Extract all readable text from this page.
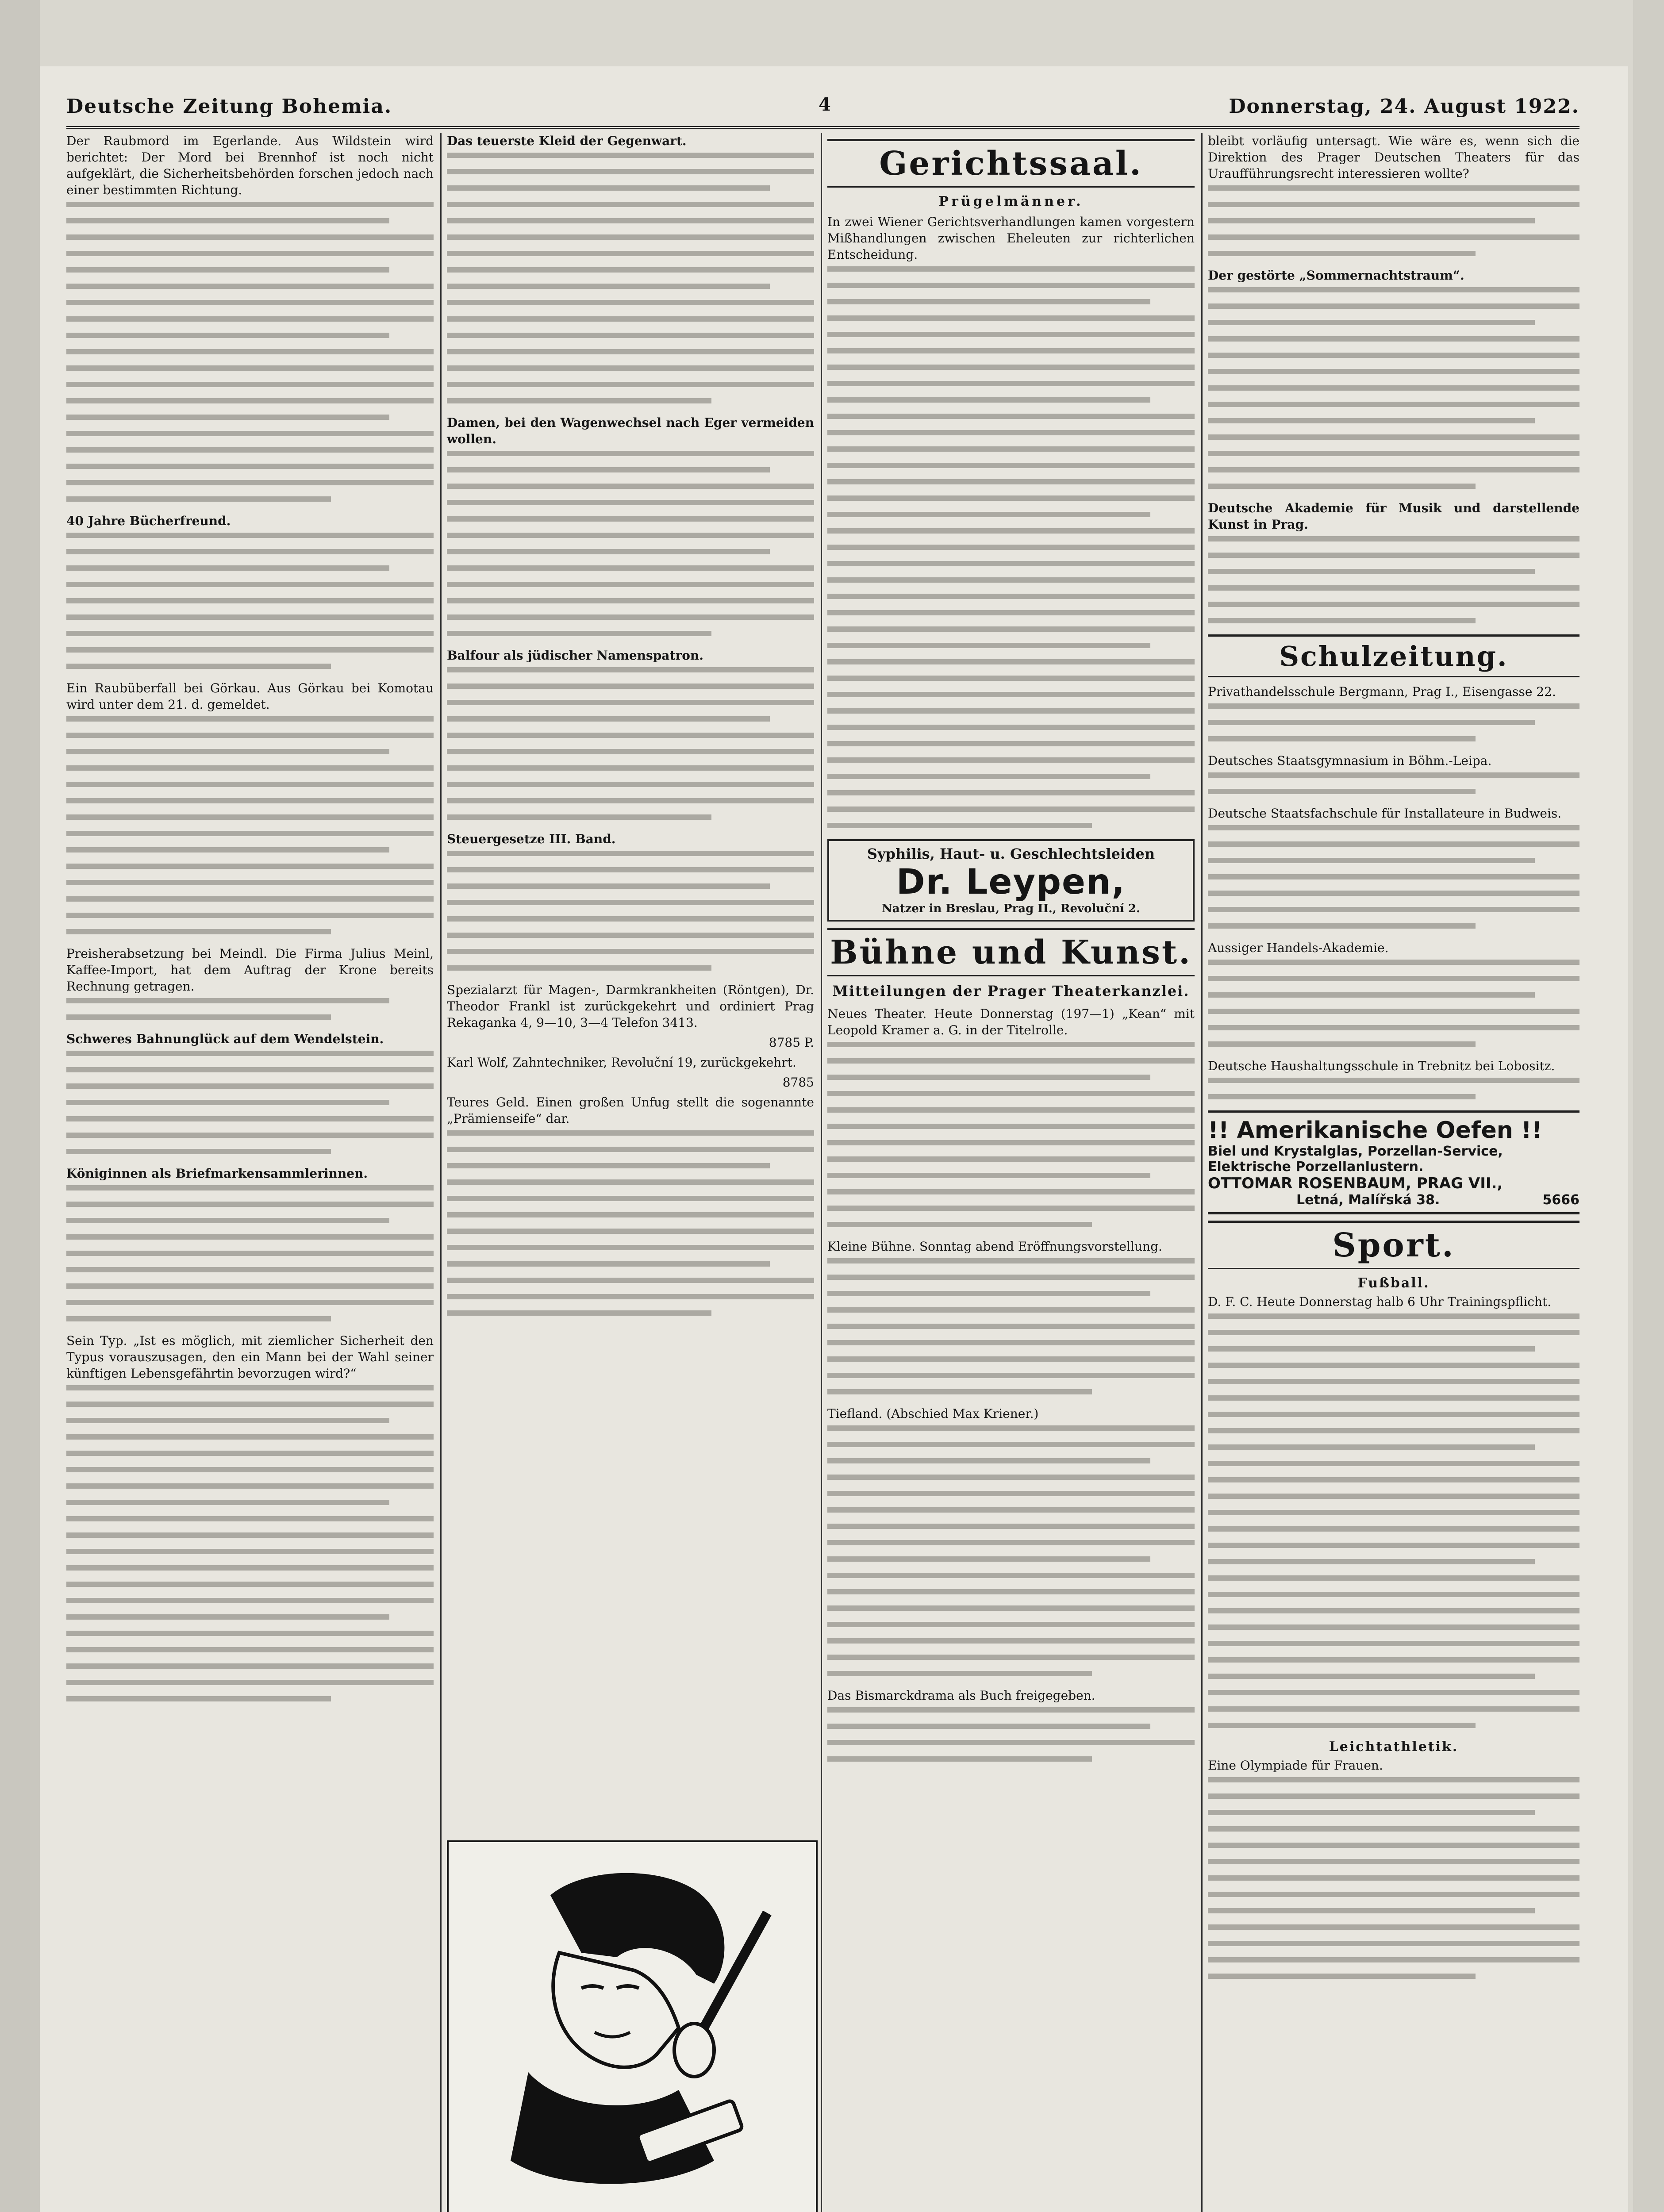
Deutsche Zeitung Bohemia.	4	Donnerstag, 24. August 1922.

Der Raubmord im Egerlande. Aus Wildstein wird berichtet: Der Mord bei Brennhof ist noch nicht aufgeklärt, die Sicherheitsbehörden forschen jedoch nach einer bestimmten Richtung.

40 Jahre Bücherfreund.

Ein Raubüberfall bei Görkau. Aus Görkau bei Komotau wird unter dem 21. d. gemeldet.

Preisherabsetzung bei Meindl. Die Firma Julius Meinl, Kaffee-Import, hat dem Auftrag der Krone bereits Rechnung getragen.

Schweres Bahnunglück auf dem Wendelstein.

Königinnen als Briefmarkensammlerinnen.

Sein Typ. „Ist es möglich, mit ziemlicher Sicherheit den Typus vorauszusagen, den ein Mann bei der Wahl seiner künftigen Lebensgefährtin bevorzugen wird?“

Das teuerste Kleid der Gegenwart.

Damen, bei den Wagenwechsel nach Eger vermeiden wollen.

Balfour als jüdischer Namenspatron.

Steuergesetze III. Band.

Spezialarzt für Magen-, Darmkrankheiten (Röntgen), Dr. Theodor Frankl ist zurückgekehrt und ordiniert Prag Rekaganka 4, 9—10, 3—4 Telefon 3413.

8785 P.

Karl Wolf, Zahntechniker, Revoluční 19, zurückgekehrt.

8785

Teures Geld. Einen großen Unfug stellt die sogenannte „Prämienseife“ dar.

Gerichtssaal.
Prügelmänner.

In zwei Wiener Gerichtsverhandlungen kamen vorgestern Mißhandlungen zwischen Eheleuten zur richterlichen Entscheidung.

Syphilis, Haut- u. Geschlechtsleiden
Dr. Leypen,
Natzer in Breslau, Prag II., Revoluční 2.
Bühne und Kunst.
Mitteilungen der Prager Theaterkanzlei.

Neues Theater. Heute Donnerstag (197—1) „Kean“ mit Leopold Kramer a. G. in der Titelrolle.

Kleine Bühne. Sonntag abend Eröffnungsvorstellung.

Tiefland. (Abschied Max Kriener.)

Das Bismarckdrama als Buch freigegeben.

bleibt vorläufig untersagt. Wie wäre es, wenn sich die Direktion des Prager Deutschen Theaters für das Uraufführungsrecht interessieren wollte?

Der gestörte „Sommernachtstraum“.

Deutsche Akademie für Musik und darstellende Kunst in Prag.

Schulzeitung.

Privathandelsschule Bergmann, Prag I., Eisengasse 22.

Deutsches Staatsgymnasium in Böhm.-Leipa.

Deutsche Staatsfachschule für Installateure in Budweis.

Aussiger Handels-Akademie.

Deutsche Haushaltungsschule in Trebnitz bei Lobositz.

!! Amerikanische Oefen !!
Biel und Krystalglas, Porzellan-Service, Elektrische Porzellanlustern.
OTTOMAR ROSENBAUM, PRAG VII.,
Letná, Malířská 38.	5666
Sport.
Fußball.

D. F. C. Heute Donnerstag halb 6 Uhr Trainingspflicht.

Leichtathletik.

Eine Olympiade für Frauen.
